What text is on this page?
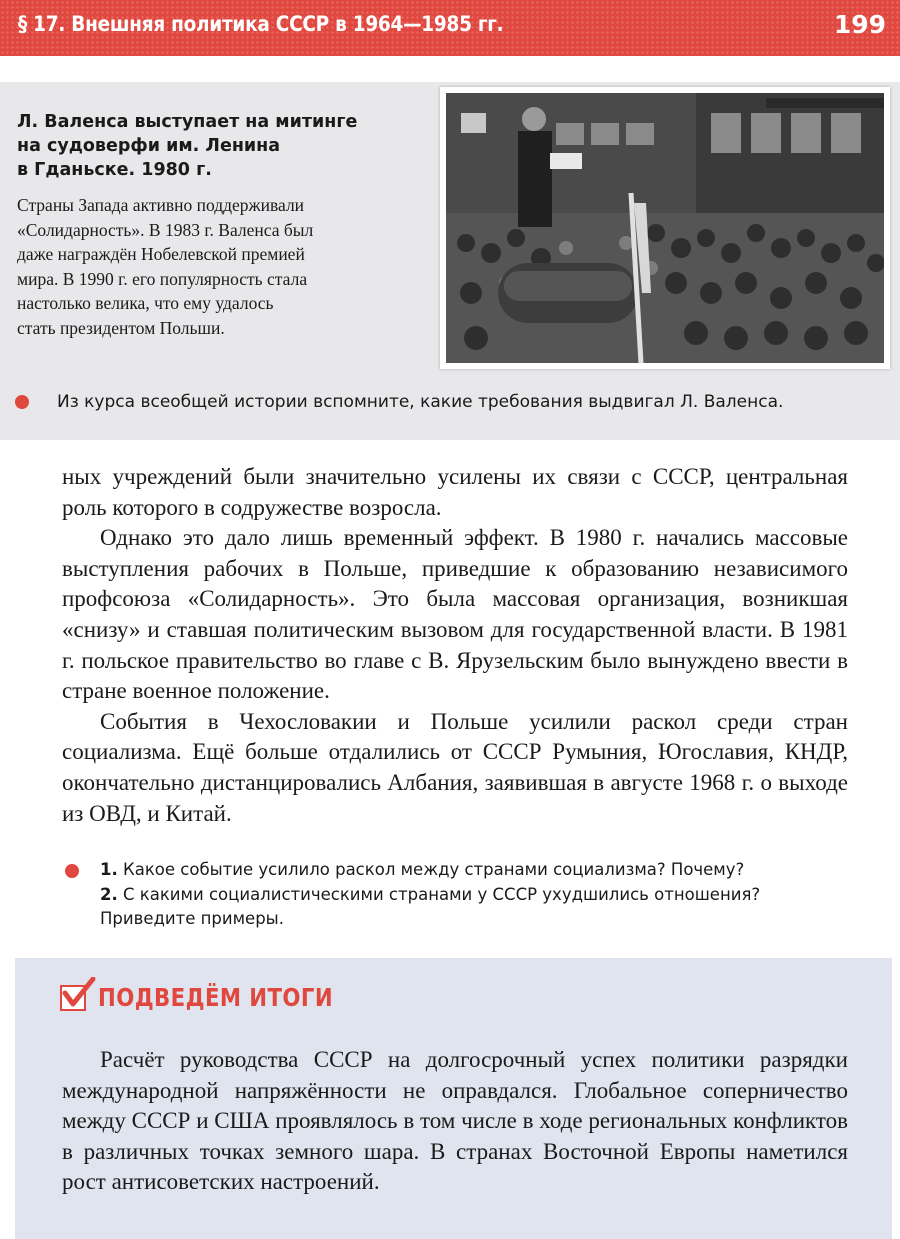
§ 17. Внешняя политика СССР в 1964—1985 гг.	199
Л. Валенса выступает на митинге
на судоверфи им. Ленина
в Гданьске. 1980 г.
Страны Запада активно поддерживали
«Солидарность». В 1983 г. Валенса был
даже награждён Нобелевской премией
мира. В 1990 г. его популярность стала
настолько велика, что ему удалось
стать президентом Польши.
Из курса всеобщей истории вспомните, какие требования выдвигал Л. Валенса.

ных учреждений были значительно усилены их связи с СССР, центральная роль которого в содружестве возросла.

Однако это дало лишь временный эффект. В 1980 г. начались массовые выступления рабочих в Польше, приведшие к образованию независимого профсоюза «Солидарность». Это была массовая организация, возникшая «снизу» и ставшая политическим вызовом для государственной власти. В 1981 г. польское правительство во главе с В. Ярузельским было вынуждено ввести в стране военное положение.

События в Чехословакии и Польше усилили раскол среди стран социализма. Ещё больше отдалились от СССР Румыния, Югославия, КНДР, окончательно дистанцировались Албания, заявившая в августе 1968 г. о выходе из ОВД, и Китай.

1. Какое событие усилило раскол между странами социализма? Почему?
2. С какими социалистическими странами у СССР ухудшились отношения?
Приведите примеры.
ПОДВЕДЁМ ИТОГИ
Расчёт руководства СССР на долгосрочный успех политики разрядки международной напряжённости не оправдался. Глобальное соперничество между СССР и США проявлялось в том числе в ходе региональных конфликтов в различных точках земного шара. В странах Восточной Европы наметился рост антисоветских настроений.
